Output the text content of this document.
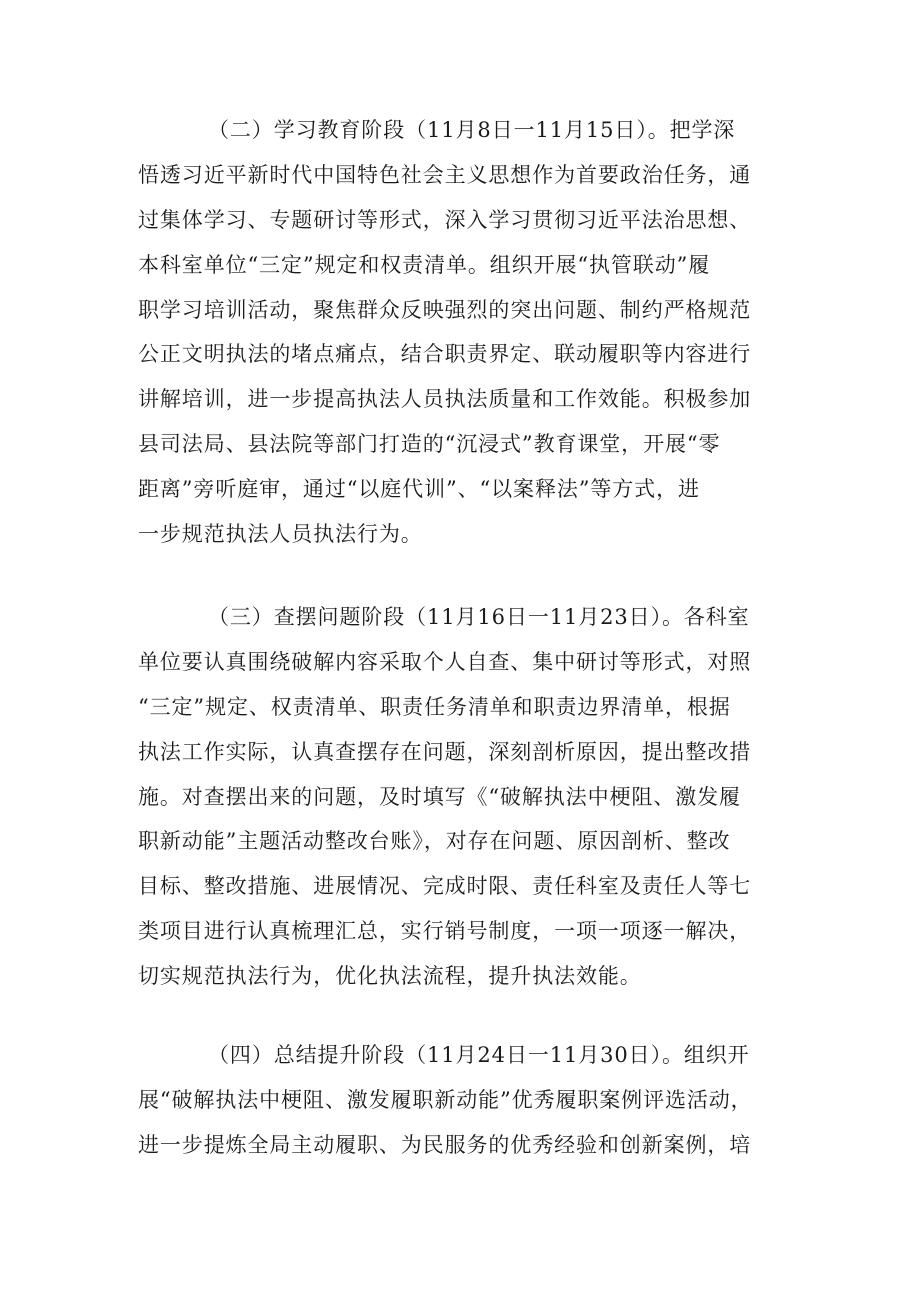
（二）学习教育阶段（11月8日一11月15日）。把学深
悟透习近平新时代中国特色社会主义思想作为首要政治任务，通
过集体学习、专题研讨等形式，深入学习贯彻习近平法治思想、
本科室单位“三定”规定和权责清单。组织开展“执管联动”履
职学习培训活动，聚焦群众反映强烈的突出问题、制约严格规范
公正文明执法的堵点痛点，结合职责界定、联动履职等内容进行
讲解培训，进一步提高执法人员执法质量和工作效能。积极参加
县司法局、县法院等部门打造的“沉浸式”教育课堂，开展“零
距离”旁听庭审，通过“以庭代训”、“以案释法”等方式，进
一步规范执法人员执法行为。
（三）查摆问题阶段（11月16日一11月23日）。各科室
单位要认真围绕破解内容采取个人自查、集中研讨等形式，对照
“三定”规定、权责清单、职责任务清单和职责边界清单，根据
执法工作实际，认真查摆存在问题，深刻剖析原因，提出整改措
施。对查摆出来的问题，及时填写《“破解执法中梗阻、激发履
职新动能”主题活动整改台账》，对存在问题、原因剖析、整改
目标、整改措施、进展情况、完成时限、责任科室及责任人等七
类项目进行认真梳理汇总，实行销号制度，一项一项逐一解决，
切实规范执法行为，优化执法流程，提升执法效能。
（四）总结提升阶段（11月24日一11月30日）。组织开
展“破解执法中梗阻、激发履职新动能”优秀履职案例评选活动，
进一步提炼全局主动履职、为民服务的优秀经验和创新案例，培
